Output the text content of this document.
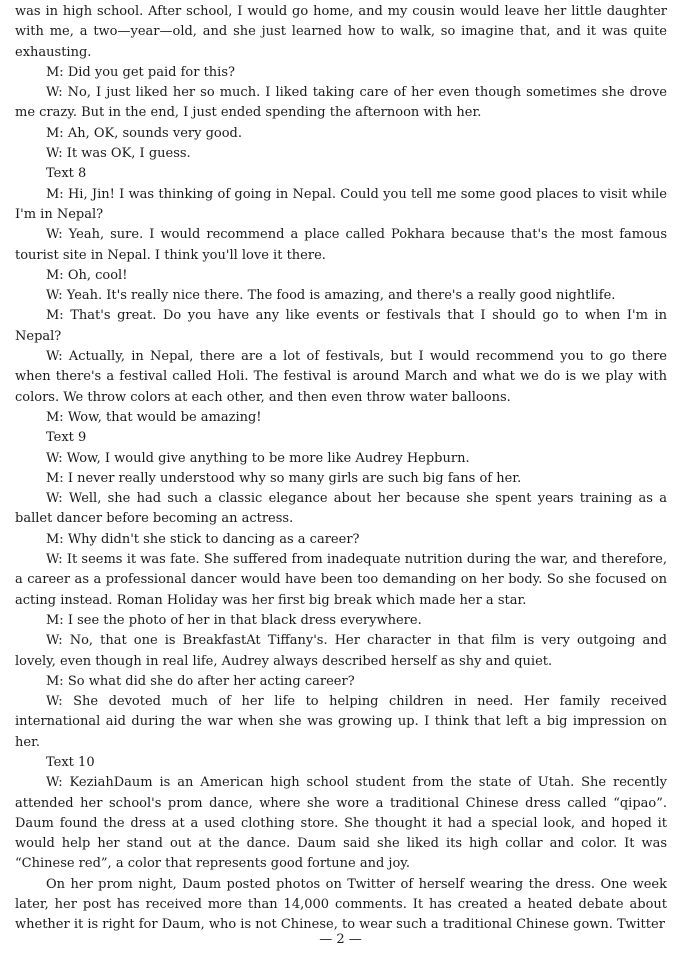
was in high school. After school, I would go home, and my cousin would leave her little daughter with me, a two—year—old, and she just learned how to walk, so imagine that, and it was quite exhausting.

M: Did you get paid for this?

W: No, I just liked her so much. I liked taking care of her even though sometimes she drove me crazy. But in the end, I just ended spending the afternoon with her.

M: Ah, OK, sounds very good.

W: It was OK, I guess.

Text 8

M: Hi, Jin! I was thinking of going in Nepal. Could you tell me some good places to visit while I'm in Nepal?

W: Yeah, sure. I would recommend a place called Pokhara because that's the most famous tourist site in Nepal. I think you'll love it there.

M: Oh, cool!

W: Yeah. It's really nice there. The food is amazing, and there's a really good nightlife.

M: That's great. Do you have any like events or festivals that I should go to when I'm in Nepal?

W: Actually, in Nepal, there are a lot of festivals, but I would recommend you to go there when there's a festival called Holi. The festival is around March and what we do is we play with colors. We throw colors at each other, and then even throw water balloons.

M: Wow, that would be amazing!

Text 9

W: Wow, I would give anything to be more like Audrey Hepburn.

M: I never really understood why so many girls are such big fans of her.

W: Well, she had such a classic elegance about her because she spent years training as a ballet dancer before becoming an actress.

M: Why didn't she stick to dancing as a career?

W: It seems it was fate. She suffered from inadequate nutrition during the war, and therefore, a career as a professional dancer would have been too demanding on her body. So she focused on acting instead. Roman Holiday was her first big break which made her a star.

M: I see the photo of her in that black dress everywhere.

W: No, that one is BreakfastAt Tiffany's. Her character in that film is very outgoing and lovely, even though in real life, Audrey always described herself as shy and quiet.

M: So what did she do after her acting career?

W: She devoted much of her life to helping children in need. Her family received international aid during the war when she was growing up. I think that left a big impression on her.

Text 10

W: KeziahDaum is an American high school student from the state of Utah. She recently attended her school's prom dance, where she wore a traditional Chinese dress called “qipao”. Daum found the dress at a used clothing store. She thought it had a special look, and hoped it would help her stand out at the dance. Daum said she liked its high collar and color. It was “Chinese red”, a color that represents good fortune and joy.

On her prom night, Daum posted photos on Twitter of herself wearing the dress. One week later, her post has received more than 14,000 comments. It has created a heated debate about whether it is right for Daum, who is not Chinese, to wear such a traditional Chinese gown. Twitter

— 2 —
